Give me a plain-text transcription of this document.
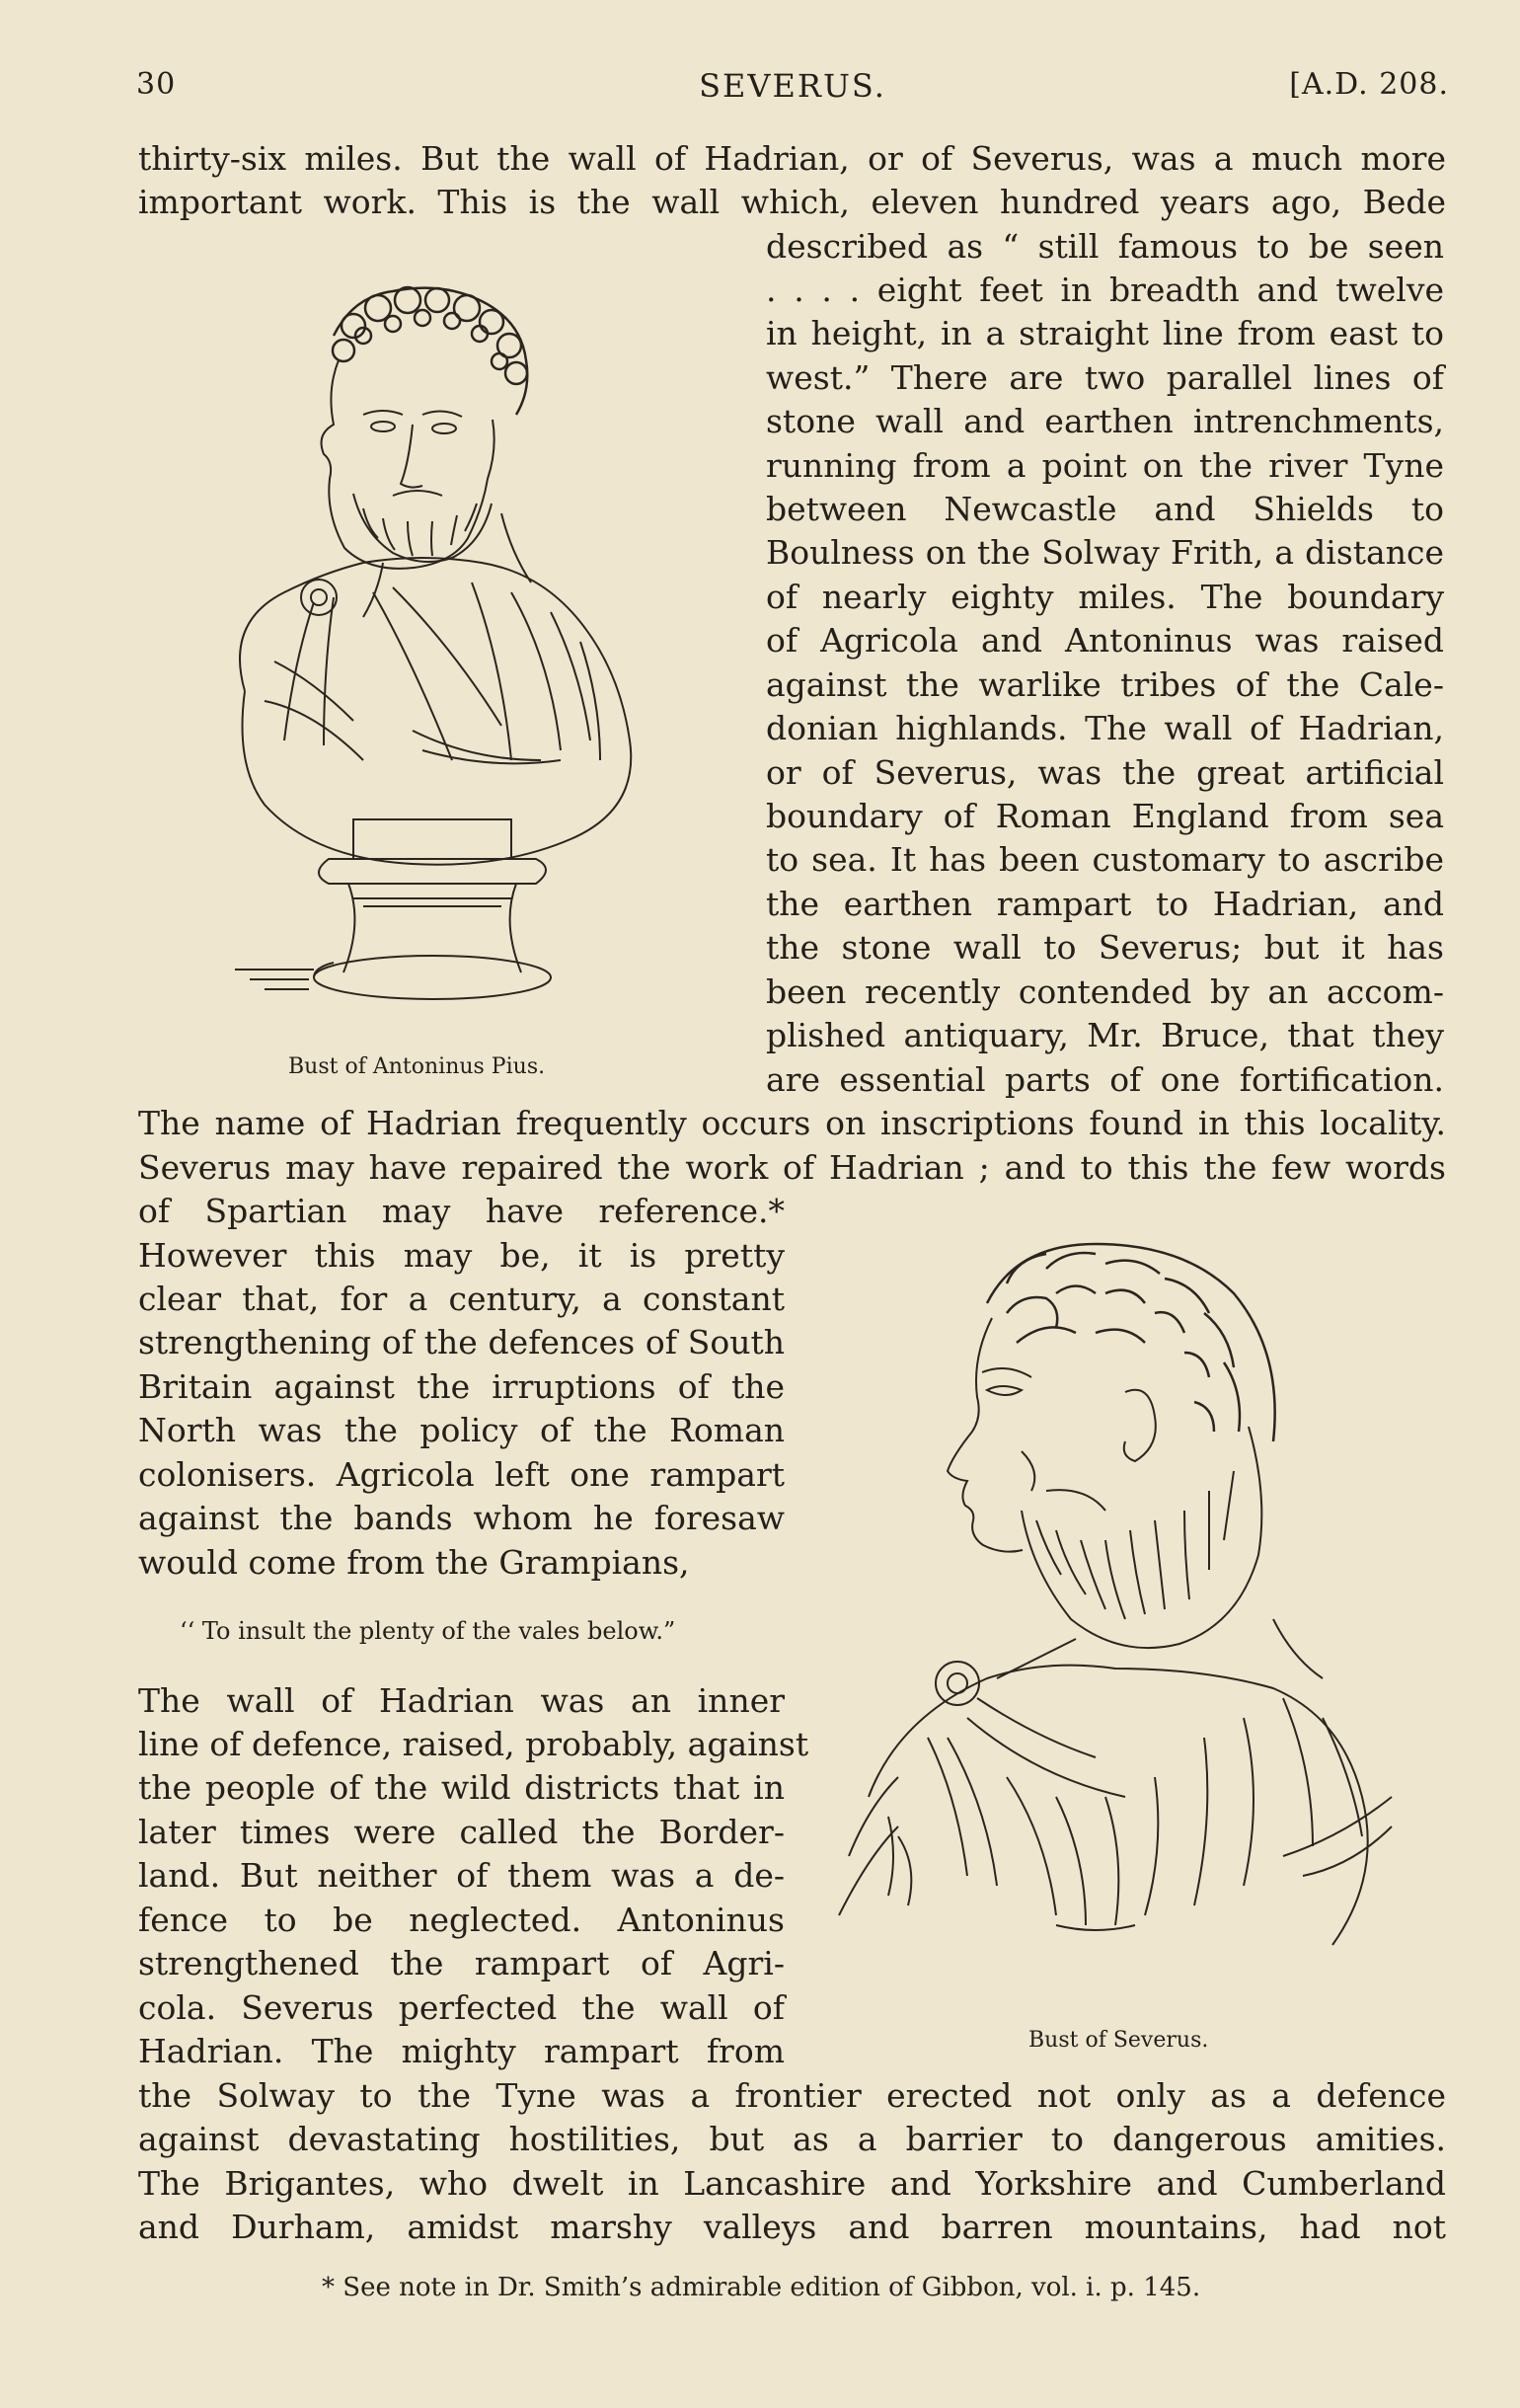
30	SEVERUS.	[A.D. 208.
thirty-six miles. But the wall of Hadrian, or of Severus, was a much more
important work. This is the wall which, eleven hundred years ago, Bede
described as “ still famous to be seen
. . . . eight feet in breadth and twelve
in height, in a straight line from east to
west.” There are two parallel lines of
stone wall and earthen intrenchments,
running from a point on the river Tyne
between Newcastle and Shields to
Boulness on the Solway Frith, a distance
of nearly eighty miles. The boundary
of Agricola and Antoninus was raised
against the warlike tribes of the Cale-
donian highlands. The wall of Hadrian,
or of Severus, was the great artificial
boundary of Roman England from sea
to sea. It has been customary to ascribe
the earthen rampart to Hadrian, and
the stone wall to Severus; but it has
been recently contended by an accom-
plished antiquary, Mr. Bruce, that they
are essential parts of one fortification.
Bust of Antoninus Pius.
The name of Hadrian frequently occurs on inscriptions found in this locality.
Severus may have repaired the work of Hadrian ; and to this the few words
of Spartian may have reference.*
However this may be, it is pretty
clear that, for a century, a constant
strengthening of the defences of South
Britain against the irruptions of the
North was the policy of the Roman
colonisers. Agricola left one rampart
against the bands whom he foresaw
would come from the Grampians,
‘‘ To insult the plenty of the vales below.”
The wall of Hadrian was an inner
line of defence, raised, probably, against
the people of the wild districts that in
later times were called the Border-
land. But neither of them was a de-
fence to be neglected. Antoninus
strengthened the rampart of Agri-
cola. Severus perfected the wall of
Hadrian. The mighty rampart from	Bust of Severus.
the Solway to the Tyne was a frontier erected not only as a defence
against devastating hostilities, but as a barrier to dangerous amities.
The Brigantes, who dwelt in Lancashire and Yorkshire and Cumberland
and Durham, amidst marshy valleys and barren mountains, had not
* See note in Dr. Smith’s admirable edition of Gibbon, vol. i. p. 145.
